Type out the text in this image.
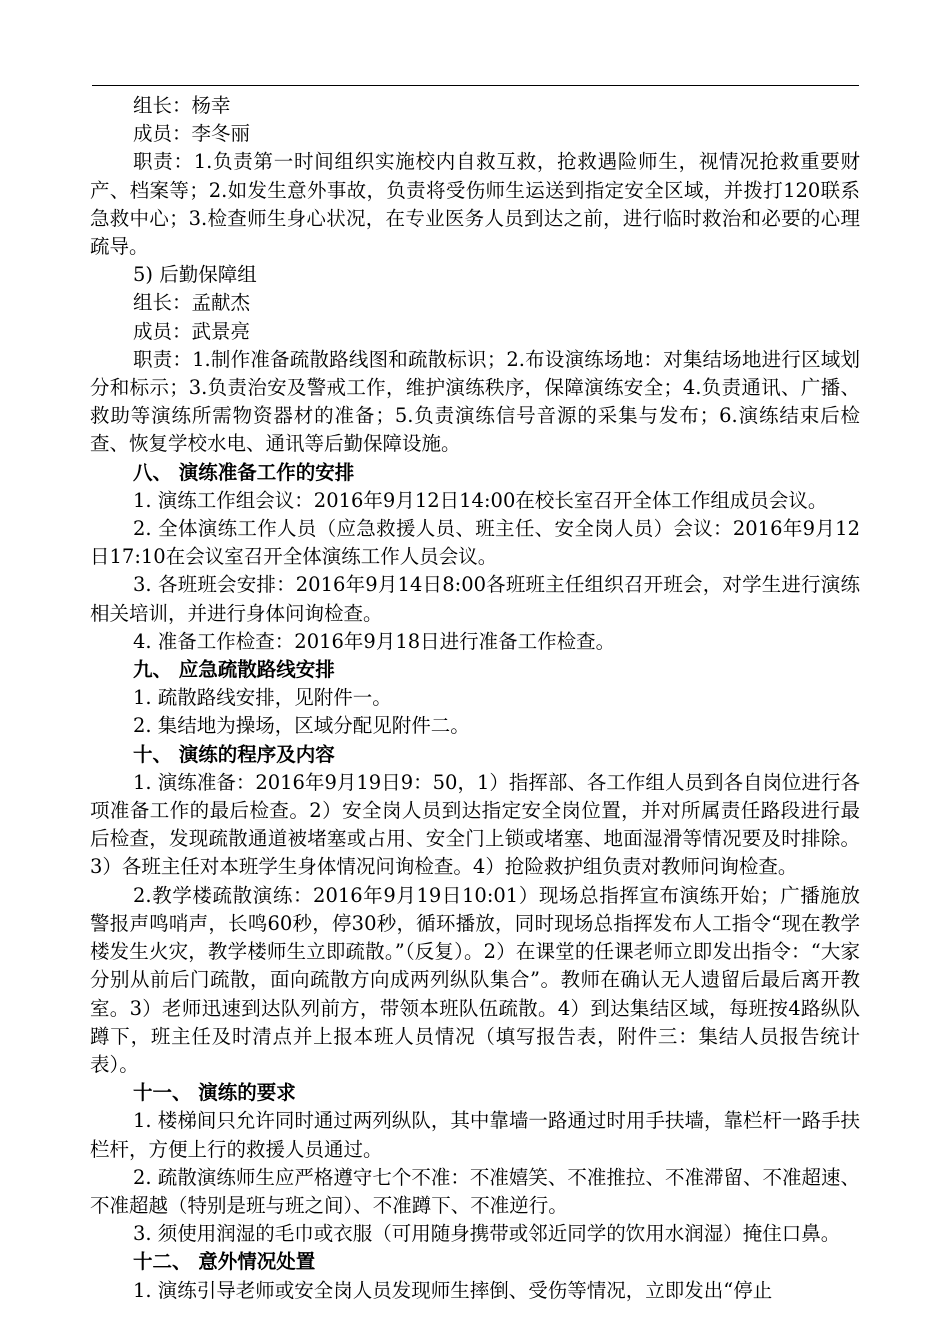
组长：杨幸

成员：李冬丽

职责：1.负责第一时间组织实施校内自救互救，抢救遇险师生，视情况抢救重要财产、档案等；2.如发生意外事故，负责将受伤师生运送到指定安全区域，并拨打120联系急救中心；3.检查师生身心状况，在专业医务人员到达之前，进行临时救治和必要的心理疏导。

5) 后勤保障组

组长：孟献杰

成员：武景亮

职责：1.制作准备疏散路线图和疏散标识；2.布设演练场地：对集结场地进行区域划分和标示；3.负责治安及警戒工作，维护演练秩序，保障演练安全；4.负责通讯、广播、救助等演练所需物资器材的准备；5.负责演练信号音源的采集与发布；6.演练结束后检查、恢复学校水电、通讯等后勤保障设施。

八、 演练准备工作的安排

1. 演练工作组会议：2016年9月12日14:00在校长室召开全体工作组成员会议。

2. 全体演练工作人员（应急救援人员、班主任、安全岗人员）会议：2016年9月12日17:10在会议室召开全体演练工作人员会议。

3. 各班班会安排：2016年9月14日8:00各班班主任组织召开班会，对学生进行演练相关培训，并进行身体问询检查。

4. 准备工作检查：2016年9月18日进行准备工作检查。

九、 应急疏散路线安排

1. 疏散路线安排，见附件一。

2. 集结地为操场，区域分配见附件二。

十、 演练的程序及内容

1. 演练准备：2016年9月19日9：50，1）指挥部、各工作组人员到各自岗位进行各项准备工作的最后检查。2）安全岗人员到达指定安全岗位置，并对所属责任路段进行最后检查，发现疏散通道被堵塞或占用、安全门上锁或堵塞、地面湿滑等情况要及时排除。3）各班主任对本班学生身体情况问询检查。4）抢险救护组负责对教师问询检查。

2.教学楼疏散演练：2016年9月19日10:01）现场总指挥宣布演练开始；广播施放警报声鸣哨声，长鸣60秒，停30秒，循环播放，同时现场总指挥发布人工指令“现在教学楼发生火灾，教学楼师生立即疏散。”（反复）。2）在课堂的任课老师立即发出指令：“大家分别从前后门疏散，面向疏散方向成两列纵队集合”。教师在确认无人遗留后最后离开教室。3）老师迅速到达队列前方，带领本班队伍疏散。4）到达集结区域，每班按4路纵队蹲下，班主任及时清点并上报本班人员情况（填写报告表，附件三：集结人员报告统计表）。

十一、 演练的要求

1. 楼梯间只允许同时通过两列纵队，其中靠墙一路通过时用手扶墙，靠栏杆一路手扶栏杆，方便上行的救援人员通过。

2. 疏散演练师生应严格遵守七个不准：不准嬉笑、不准推拉、不准滞留、不准超速、不准超越（特别是班与班之间）、不准蹲下、不准逆行。

3. 须使用润湿的毛巾或衣服（可用随身携带或邻近同学的饮用水润湿）掩住口鼻。

十二、 意外情况处置

1. 演练引导老师或安全岗人员发现师生摔倒、受伤等情况，立即发出“停止
